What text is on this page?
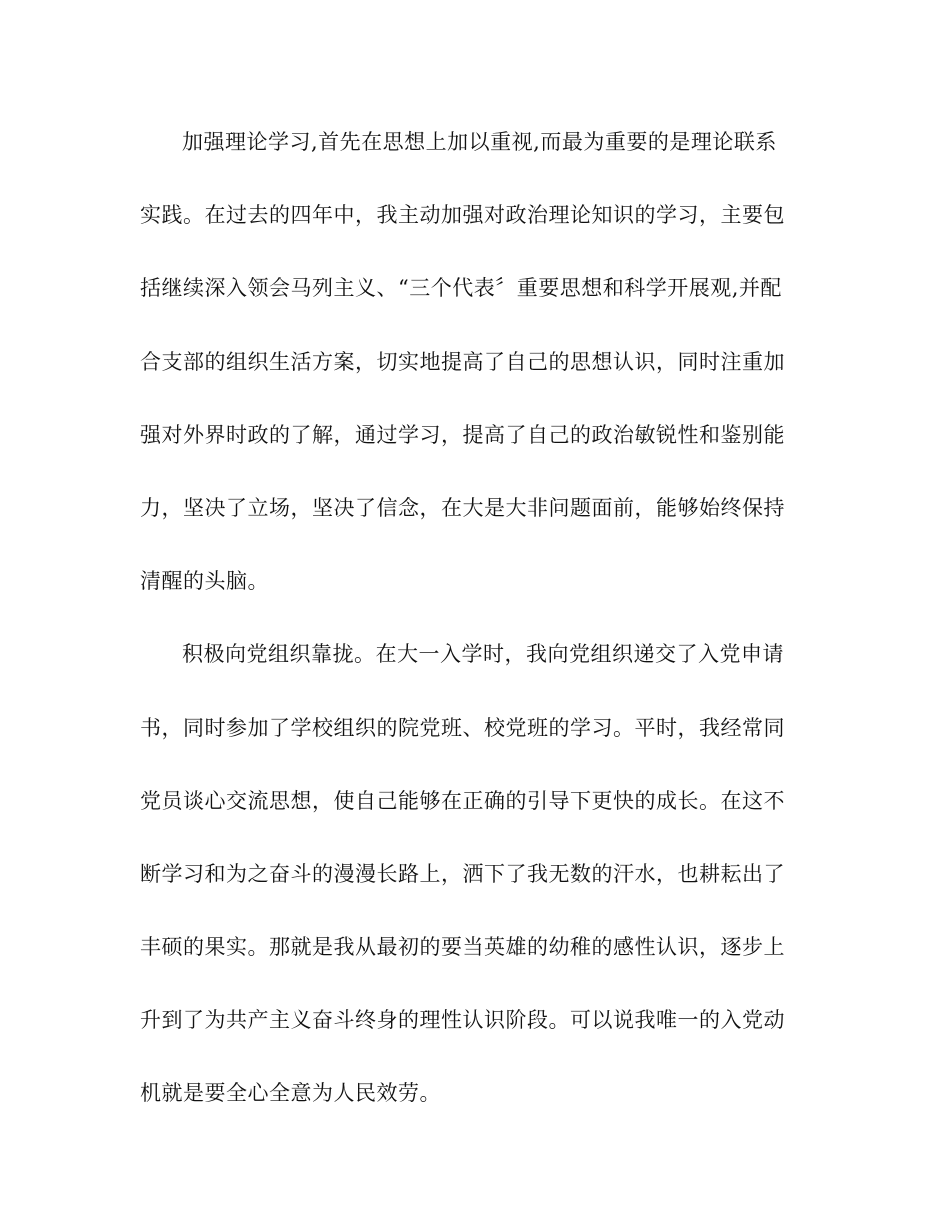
加强理论学习,首先在思想上加以重视,而最为重要的是理论联系
实践。在过去的四年中，我主动加强对政治理论知识的学习，主要包
括继续深入领会马列主义、“三个代表〞重要思想和科学开展观,并配
合支部的组织生活方案，切实地提高了自己的思想认识，同时注重加
强对外界时政的了解，通过学习，提高了自己的政治敏锐性和鉴别能
力，坚决了立场，坚决了信念，在大是大非问题面前，能够始终保持
清醒的头脑。
积极向党组织靠拢。在大一入学时，我向党组织递交了入党申请
书，同时参加了学校组织的院党班、校党班的学习。平时，我经常同
党员谈心交流思想，使自己能够在正确的引导下更快的成长。在这不
断学习和为之奋斗的漫漫长路上，洒下了我无数的汗水，也耕耘出了
丰硕的果实。那就是我从最初的要当英雄的幼稚的感性认识，逐步上
升到了为共产主义奋斗终身的理性认识阶段。可以说我唯一的入党动
机就是要全心全意为人民效劳。
